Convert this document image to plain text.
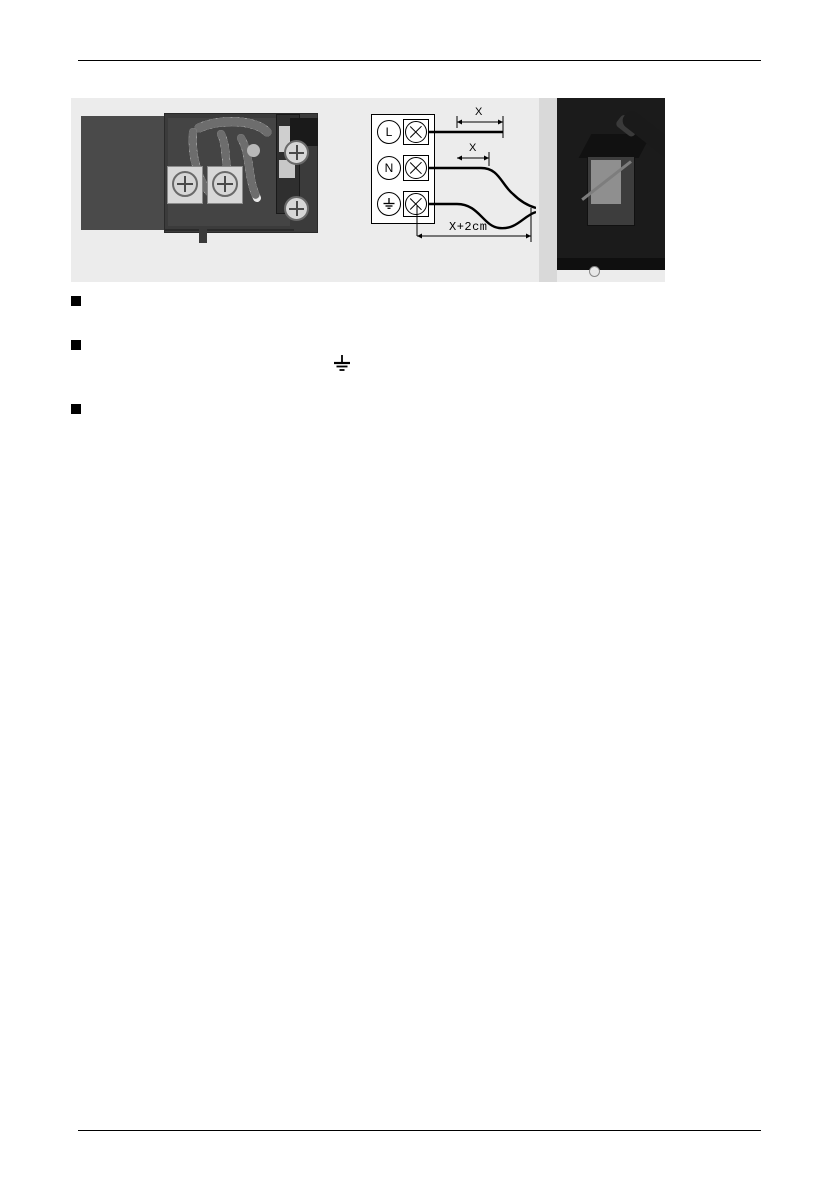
L
N
X
X
X+2cm
